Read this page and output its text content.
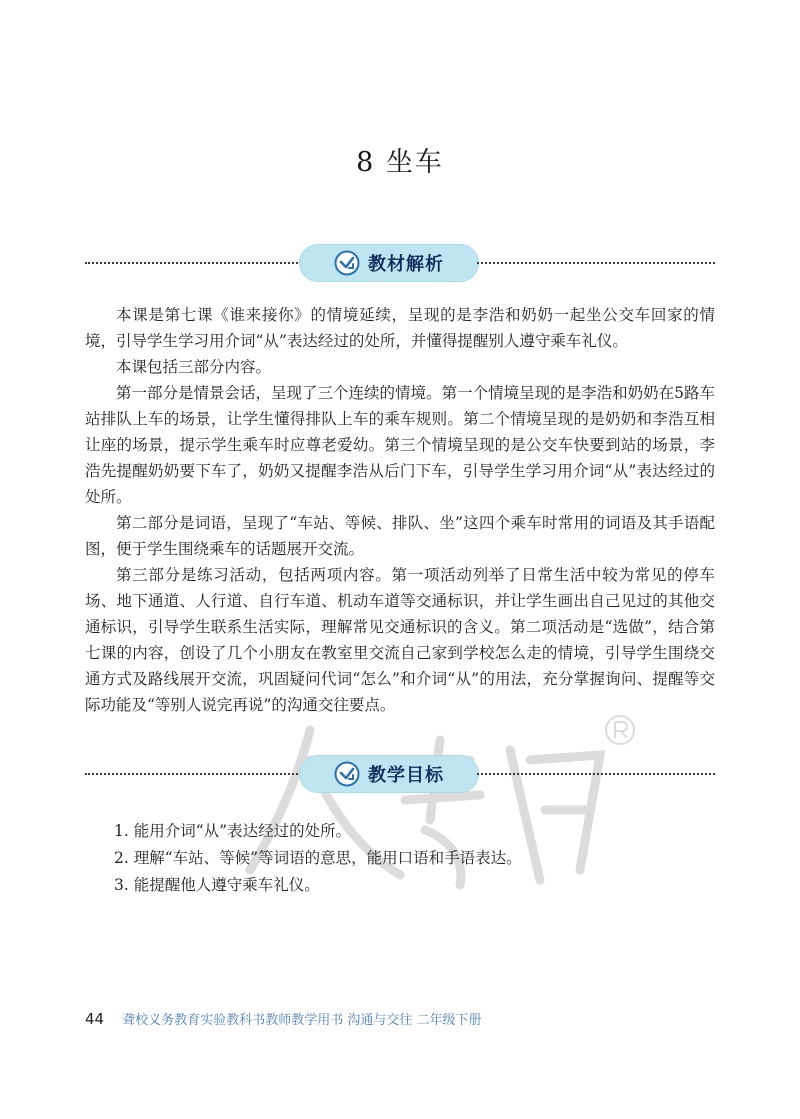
8 坐车
教材解析

本课是第七课《谁来接你》的情境延续，呈现的是李浩和奶奶一起坐公交车回家的情境，引导学生学习用介词“从”表达经过的处所，并懂得提醒别人遵守乘车礼仪。

本课包括三部分内容。

第一部分是情景会话，呈现了三个连续的情境。第一个情境呈现的是李浩和奶奶在5路车站排队上车的场景，让学生懂得排队上车的乘车规则。第二个情境呈现的是奶奶和李浩互相让座的场景，提示学生乘车时应尊老爱幼。第三个情境呈现的是公交车快要到站的场景，李浩先提醒奶奶要下车了，奶奶又提醒李浩从后门下车，引导学生学习用介词“从”表达经过的处所。

第二部分是词语，呈现了“车站、等候、排队、坐”这四个乘车时常用的词语及其手语配图，便于学生围绕乘车的话题展开交流。

第三部分是练习活动，包括两项内容。第一项活动列举了日常生活中较为常见的停车场、地下通道、人行道、自行车道、机动车道等交通标识，并让学生画出自己见过的其他交通标识，引导学生联系生活实际，理解常见交通标识的含义。第二项活动是“选做”，结合第七课的内容，创设了几个小朋友在教室里交流自己家到学校怎么走的情境，引导学生围绕交通方式及路线展开交流，巩固疑问代词“怎么”和介词“从”的用法，充分掌握询问、提醒等交际功能及“等别人说完再说”的沟通交往要点。

教学目标
1. 能用介词“从”表达经过的处所。
2. 理解“车站、等候”等词语的意思，能用口语和手语表达。
3. 能提醒他人遵守乘车礼仪。
44 聋校义务教育实验教科书教师教学用书 沟通与交往 二年级下册
